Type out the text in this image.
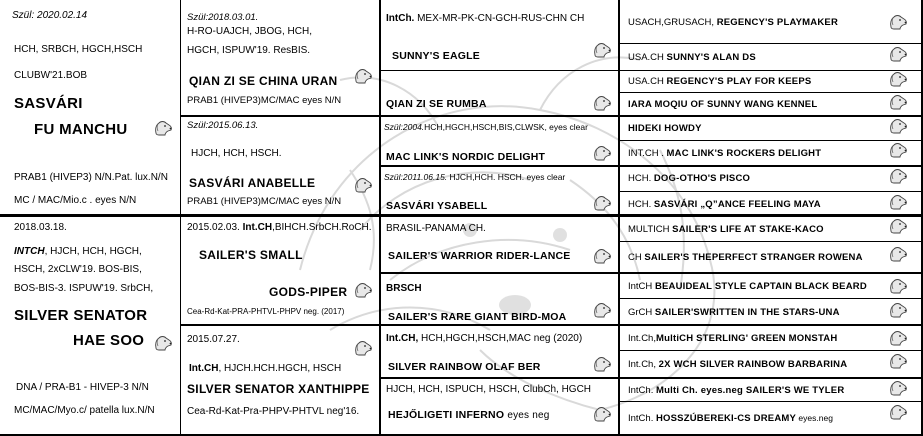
Szül: 2020.02.14
HCH, SRBCH, HGCH,HSCH
CLUBW'21.BOB
SASVÁRI
FU MANCHU
PRAB1 (HIVEP3) N/N.Pat. lux.N/N
MC / MAC/Mio.c . eyes N/N
2018.03.18.
INTCH, HJCH, HCH, HGCH,
HSCH, 2xCLW'19. BOS-BIS,
BOS-BIS-3. ISPUW'19. SrbCH,
SILVER SENATOR
HAE SOO
DNA / PRA-B1 - HIVEP-3 N/N
MC/MAC/Myo.c/ patella lux.N/N
Szül:2018.03.01.
H-RO-UAJCH, JBOG, HCH,
HGCH, ISPUW'19. ResBIS.
QIAN ZI SE CHINA URAN
PRAB1 (HIVEP3)MC/MAC eyes N/N
Szül:2015.06.13.
HJCH, HCH, HSCH.
SASVÁRI ANABELLE
PRAB1 (HIVEP3)MC/MAC eyes N/N
2015.02.03. Int.CH,BIHCH.SrbCH.RoCH.
SAILER'S SMALL
GODS-PIPER
Cea-Rd-Kat-PRA-PHTVL-PHPV neg. (2017)
2015.07.27.
Int.CH, HJCH.HCH.HGCH, HSCH
SILVER SENATOR XANTHIPPE
Cea-Rd-Kat-Pra-PHPV-PHTVL neg'16.
IntCh. MEX-MR-PK-CN-GCH-RUS-CHN CH
SUNNY'S EAGLE
QIAN ZI SE RUMBA
Szül:2004.HCH,HGCH,HSCH,BIS,CLWSK, eyes clear
MAC LINK'S NORDIC DELIGHT
Szül:2011.06.15. HJCH,HCH. HSCH. eyes clear
SASVÁRI YSABELL
BRASIL-PANAMA CH.
SAILER'S WARRIOR RIDER-LANCE
BRSCH
SAILER'S RARE GIANT BIRD-MOA
Int.CH, HCH,HGCH,HSCH,MAC neg (2020)
SILVER RAINBOW OLAF BER
HJCH, HCH, ISPUCH, HSCH, ClubCh, HGCH
HEJŐLIGETI INFERNO eyes neg
USACH,GRUSACH, REGENCY'S PLAYMAKER
USA.CH SUNNY'S ALAN DS
USA.CH REGENCY'S PLAY FOR KEEPS
IARA MOQIU OF SUNNY WANG KENNEL
HIDEKI HOWDY
INT.CH . MAC LINK'S ROCKERS DELIGHT
HCH. DOG-OTHO'S PISCO
HCH. SASVÁRI „Q”ANCE FEELING MAYA
MULTICH SAILER'S LIFE AT STAKE-KACO
CH SAILER'S THEPERFECT STRANGER ROWENA
IntCH BEAUIDEAL STYLE CAPTAIN BLACK BEARD
GrCH SAILER'SWRITTEN IN THE STARS-UNA
Int.Ch,MultiCH STERLING' GREEN MONSTAH
Int.Ch, 2X WCH SILVER RAINBOW BARBARINA
IntCh. Multi Ch. eyes.neg SAILER'S WE TYLER
IntCh. HOSSZÚBEREKI-CS DREAMY eyes.neg
